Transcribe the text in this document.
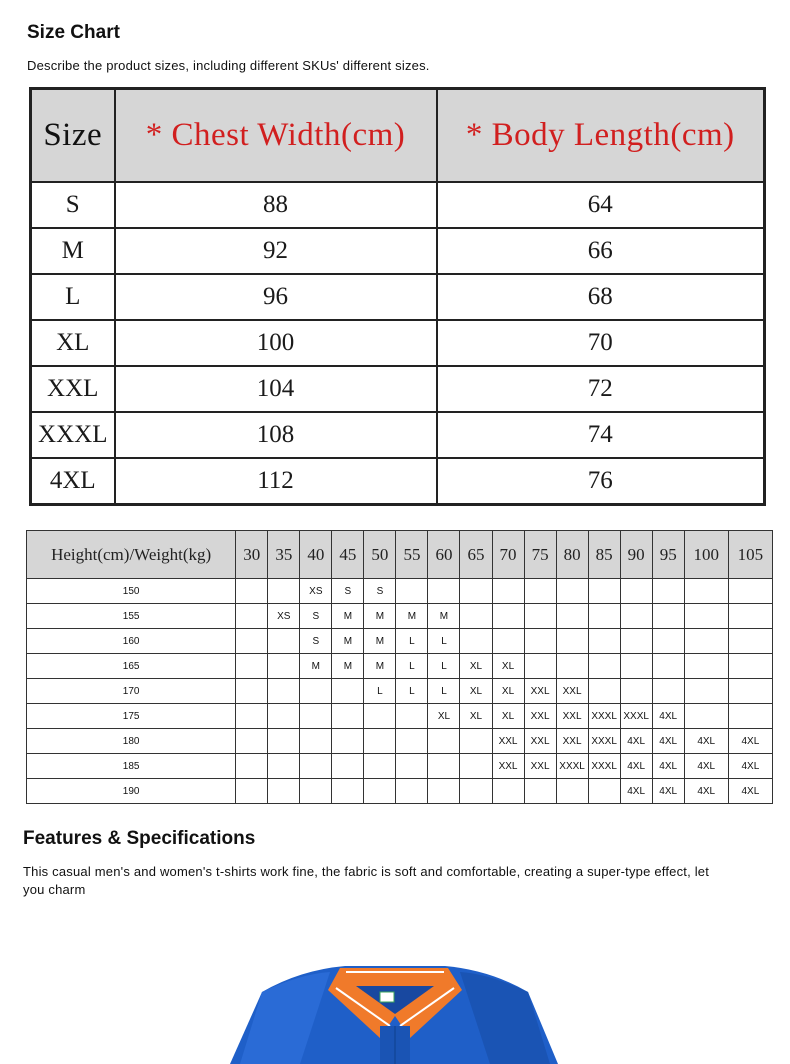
Size Chart
Describe the product sizes, including different SKUs' different sizes.
Size	* Chest Width(cm)	* Body Length(cm)
S	88	64
M	92	66
L	96	68
XL	100	70
XXL	104	72
XXXL	108	74
4XL	112	76
Height(cm)/Weight(kg)	30	35	40	45	50	55	60	65	70	75	80	85	90	95	100	105
150			XS	S	S											
155		XS	S	M	M	M	M									
160			S	M	M	L	L									
165			M	M	M	L	L	XL	XL							
170					L	L	L	XL	XL	XXL	XXL					
175							XL	XL	XL	XXL	XXL	XXXL	XXXL	4XL		
180									XXL	XXL	XXL	XXXL	4XL	4XL	4XL	4XL
185									XXL	XXL	XXXL	XXXL	4XL	4XL	4XL	4XL
190													4XL	4XL	4XL	4XL
Features & Specifications
This casual men's and women's t-shirts work fine, the fabric is soft and comfortable, creating a super-type effect, let you charm
